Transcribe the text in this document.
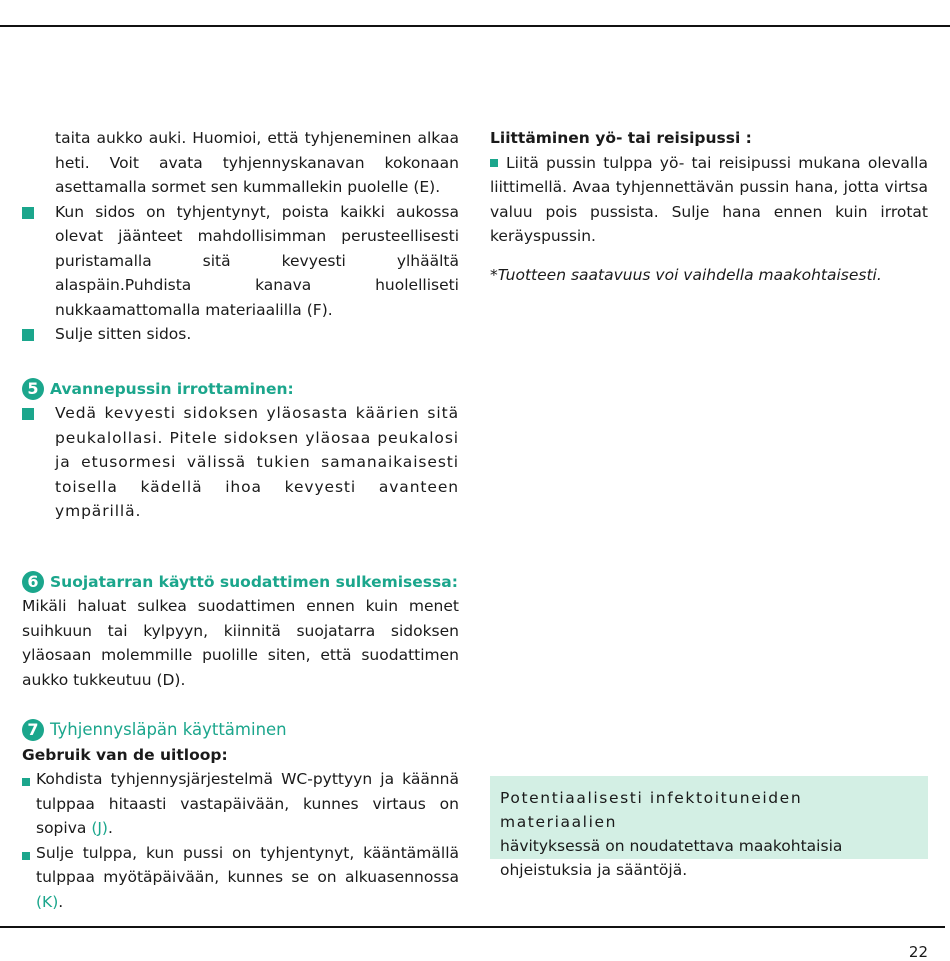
taita aukko auki. Huomioi, että tyhjeneminen alkaa heti. Voit avata tyhjennyskanavan kokonaan asettamalla sormet sen kummallekin puolelle (E).

Kun sidos on tyhjentynyt, poista kaikki aukossa olevat jäänteet mahdollisimman perusteellisesti puristamalla sitä kevyesti ylhäältä alaspäin.Puhdista kanava huolelliseti nukkaamattomalla materiaalilla (F).
Sulje sitten sidos.
5 Avannepussin irrottaminen:
Vedä kevyesti sidoksen yläosasta käärien sitä peukalollasi. Pitele sidoksen yläosaa peukalosi ja etusormesi välissä tukien samanaikaisesti toisella kädellä ihoa kevyesti avanteen ympärillä.
6 Suojatarran käyttö suodattimen sulkemisessa:

Mikäli haluat sulkea suodattimen ennen kuin menet suihkuun tai kylpyyn, kiinnitä suojatarra sidoksen yläosaan molemmille puolille siten, että suodattimen aukko tukkeutuu (D).

7 Tyhjennysläpän käyttäminen

Gebruik van de uitloop:

Kohdista tyhjennysjärjestelmä WC-pyttyyn ja käännä tulppaa hitaasti vastapäivään, kunnes virtaus on sopiva (J).
Sulje tulppa, kun pussi on tyhjentynyt, kääntämällä tulppaa myötäpäivään, kunnes se on alkuasennossa (K).

Liittäminen yö- tai reisipussi :

Liitä pussin tulppa yö- tai reisipussi mukana olevalla liittimellä. Avaa tyhjennettävän pussin hana, jotta virtsa valuu pois pussista. Sulje hana ennen kuin irrotat keräyspussin.

*Tuotteen saatavuus voi vaihdella maakohtaisesti.

Potentiaalisesti infektoituneiden materiaalien

hävityksessä on noudatettava maakohtaisia ohjeistuksia ja sääntöjä.

22
